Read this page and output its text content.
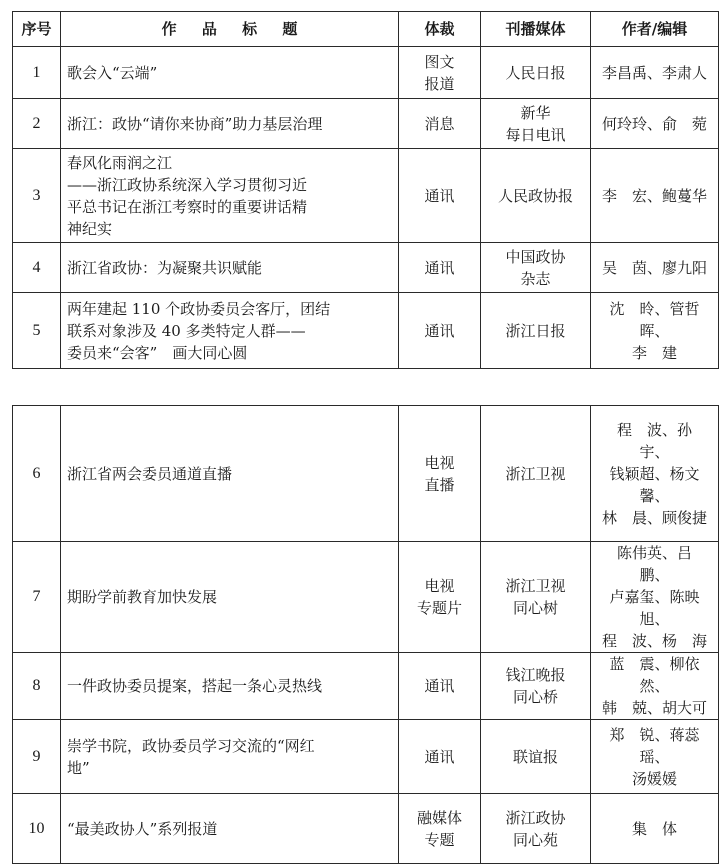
序号	作 品 标 题	体裁	刊播媒体	作者/编辑
1	歌会入“云端”	图文
报道	人民日报	李昌禹、李肃人

2	浙江：政协“请你来协商”助力基层治理	消息	新华
每日电讯	何玲玲、俞　菀

3	春风化雨润之江
——浙江政协系统深入学习贯彻习近
平总书记在浙江考察时的重要讲话精
神纪实	通讯	人民政协报	李　宏、鲍蔓华

4	浙江省政协：为凝聚共识赋能	通讯	中国政协
杂志	吴　茵、廖九阳

5	两年建起 110 个政协委员会客厅，团结
联系对象涉及 40 多类特定人群——
委员来“会客”　画大同心圆	通讯	浙江日报	沈　昤、管哲晖、
李　建
6	浙江省两会委员通道直播	电视
直播	浙江卫视	程　波、孙　宇、
钱颖超、杨文馨、
林　晨、顾俊捷

7	期盼学前教育加快发展	电视
专题片	浙江卫视
同心树	陈伟英、吕　鹏、
卢嘉玺、陈映旭、
程　波、杨　海

8	一件政协委员提案，搭起一条心灵热线	通讯	钱江晚报
同心桥	蓝　震、柳依然、
韩　兢、胡大可

9	崇学书院，政协委员学习交流的“网红
地”	通讯	联谊报	郑　锐、蒋蕊瑶、
汤媛媛

10	“最美政协人”系列报道	融媒体
专题	浙江政协
同心苑	集　体
